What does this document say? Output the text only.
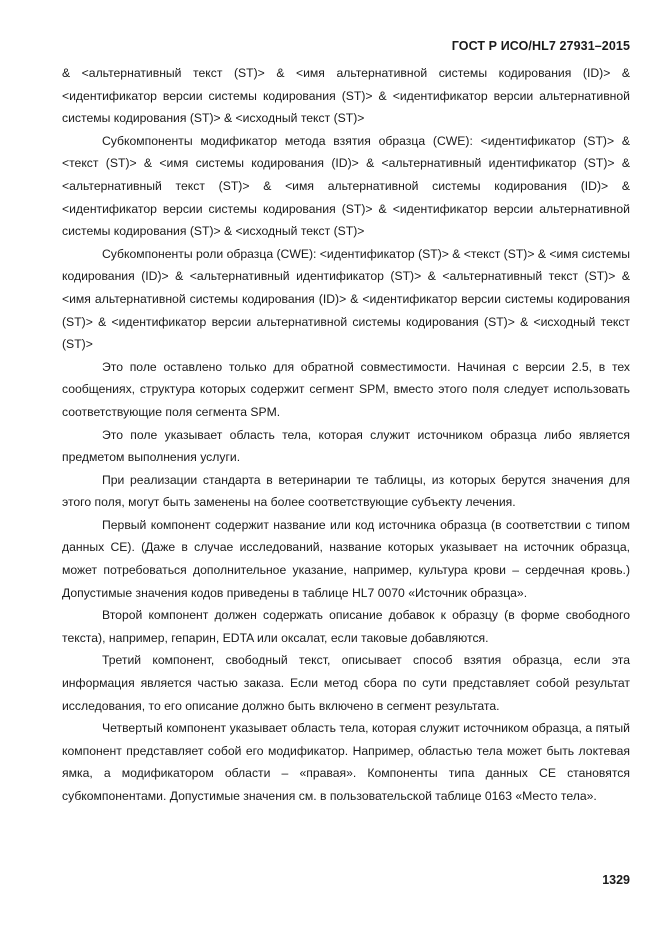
ГОСТ Р ИСО/HL7 27931–2015

& <альтернативный текст (ST)> & <имя альтернативной системы кодирования (ID)> & <идентификатор версии системы кодирования (ST)> & <идентификатор версии альтернативной системы кодирования (ST)> & <исходный текст (ST)>

Субкомпоненты модификатор метода взятия образца (CWE): <идентификатор (ST)> & <текст (ST)> & <имя системы кодирования (ID)> & <альтернативный идентификатор (ST)> & <альтернативный текст (ST)> & <имя альтернативной системы кодирования (ID)> & <идентификатор версии системы кодирования (ST)> & <идентификатор версии альтернативной системы кодирования (ST)> & <исходный текст (ST)>

Субкомпоненты роли образца (CWE): <идентификатор (ST)> & <текст (ST)> & <имя системы кодирования (ID)> & <альтернативный идентификатор (ST)> & <альтернативный текст (ST)> & <имя альтернативной системы кодирования (ID)> & <идентификатор версии системы кодирования (ST)> & <идентификатор версии альтернативной системы кодирования (ST)> & <исходный текст (ST)>

Это поле оставлено только для обратной совместимости. Начиная с версии 2.5, в тех сообщениях, структура которых содержит сегмент SPM, вместо этого поля следует использовать соответствующие поля сегмента SPM.

Это поле указывает область тела, которая служит источником образца либо является предметом выполнения услуги.

При реализации стандарта в ветеринарии те таблицы, из которых берутся значения для этого поля, могут быть заменены на более соответствующие субъекту лечения.

Первый компонент содержит название или код источника образца (в соответствии с типом данных CE). (Даже в случае исследований, название которых указывает на источник образца, может потребоваться дополнительное указание, например, культура крови – сердечная кровь.) Допустимые значения кодов приведены в таблице HL7 0070 «Источник образца».

Второй компонент должен содержать описание добавок к образцу (в форме свободного текста), например, гепарин, EDTA или оксалат, если таковые добавляются.

Третий компонент, свободный текст, описывает способ взятия образца, если эта информация является частью заказа. Если метод сбора по сути представляет собой результат исследования, то его описание должно быть включено в сегмент результата.

Четвертый компонент указывает область тела, которая служит источником образца, а пятый компонент представляет собой его модификатор. Например, областью тела может быть локтевая ямка, а модификатором области – «правая». Компоненты типа данных CE становятся субкомпонентами. Допустимые значения см. в пользовательской таблице 0163 «Место тела».

1329
